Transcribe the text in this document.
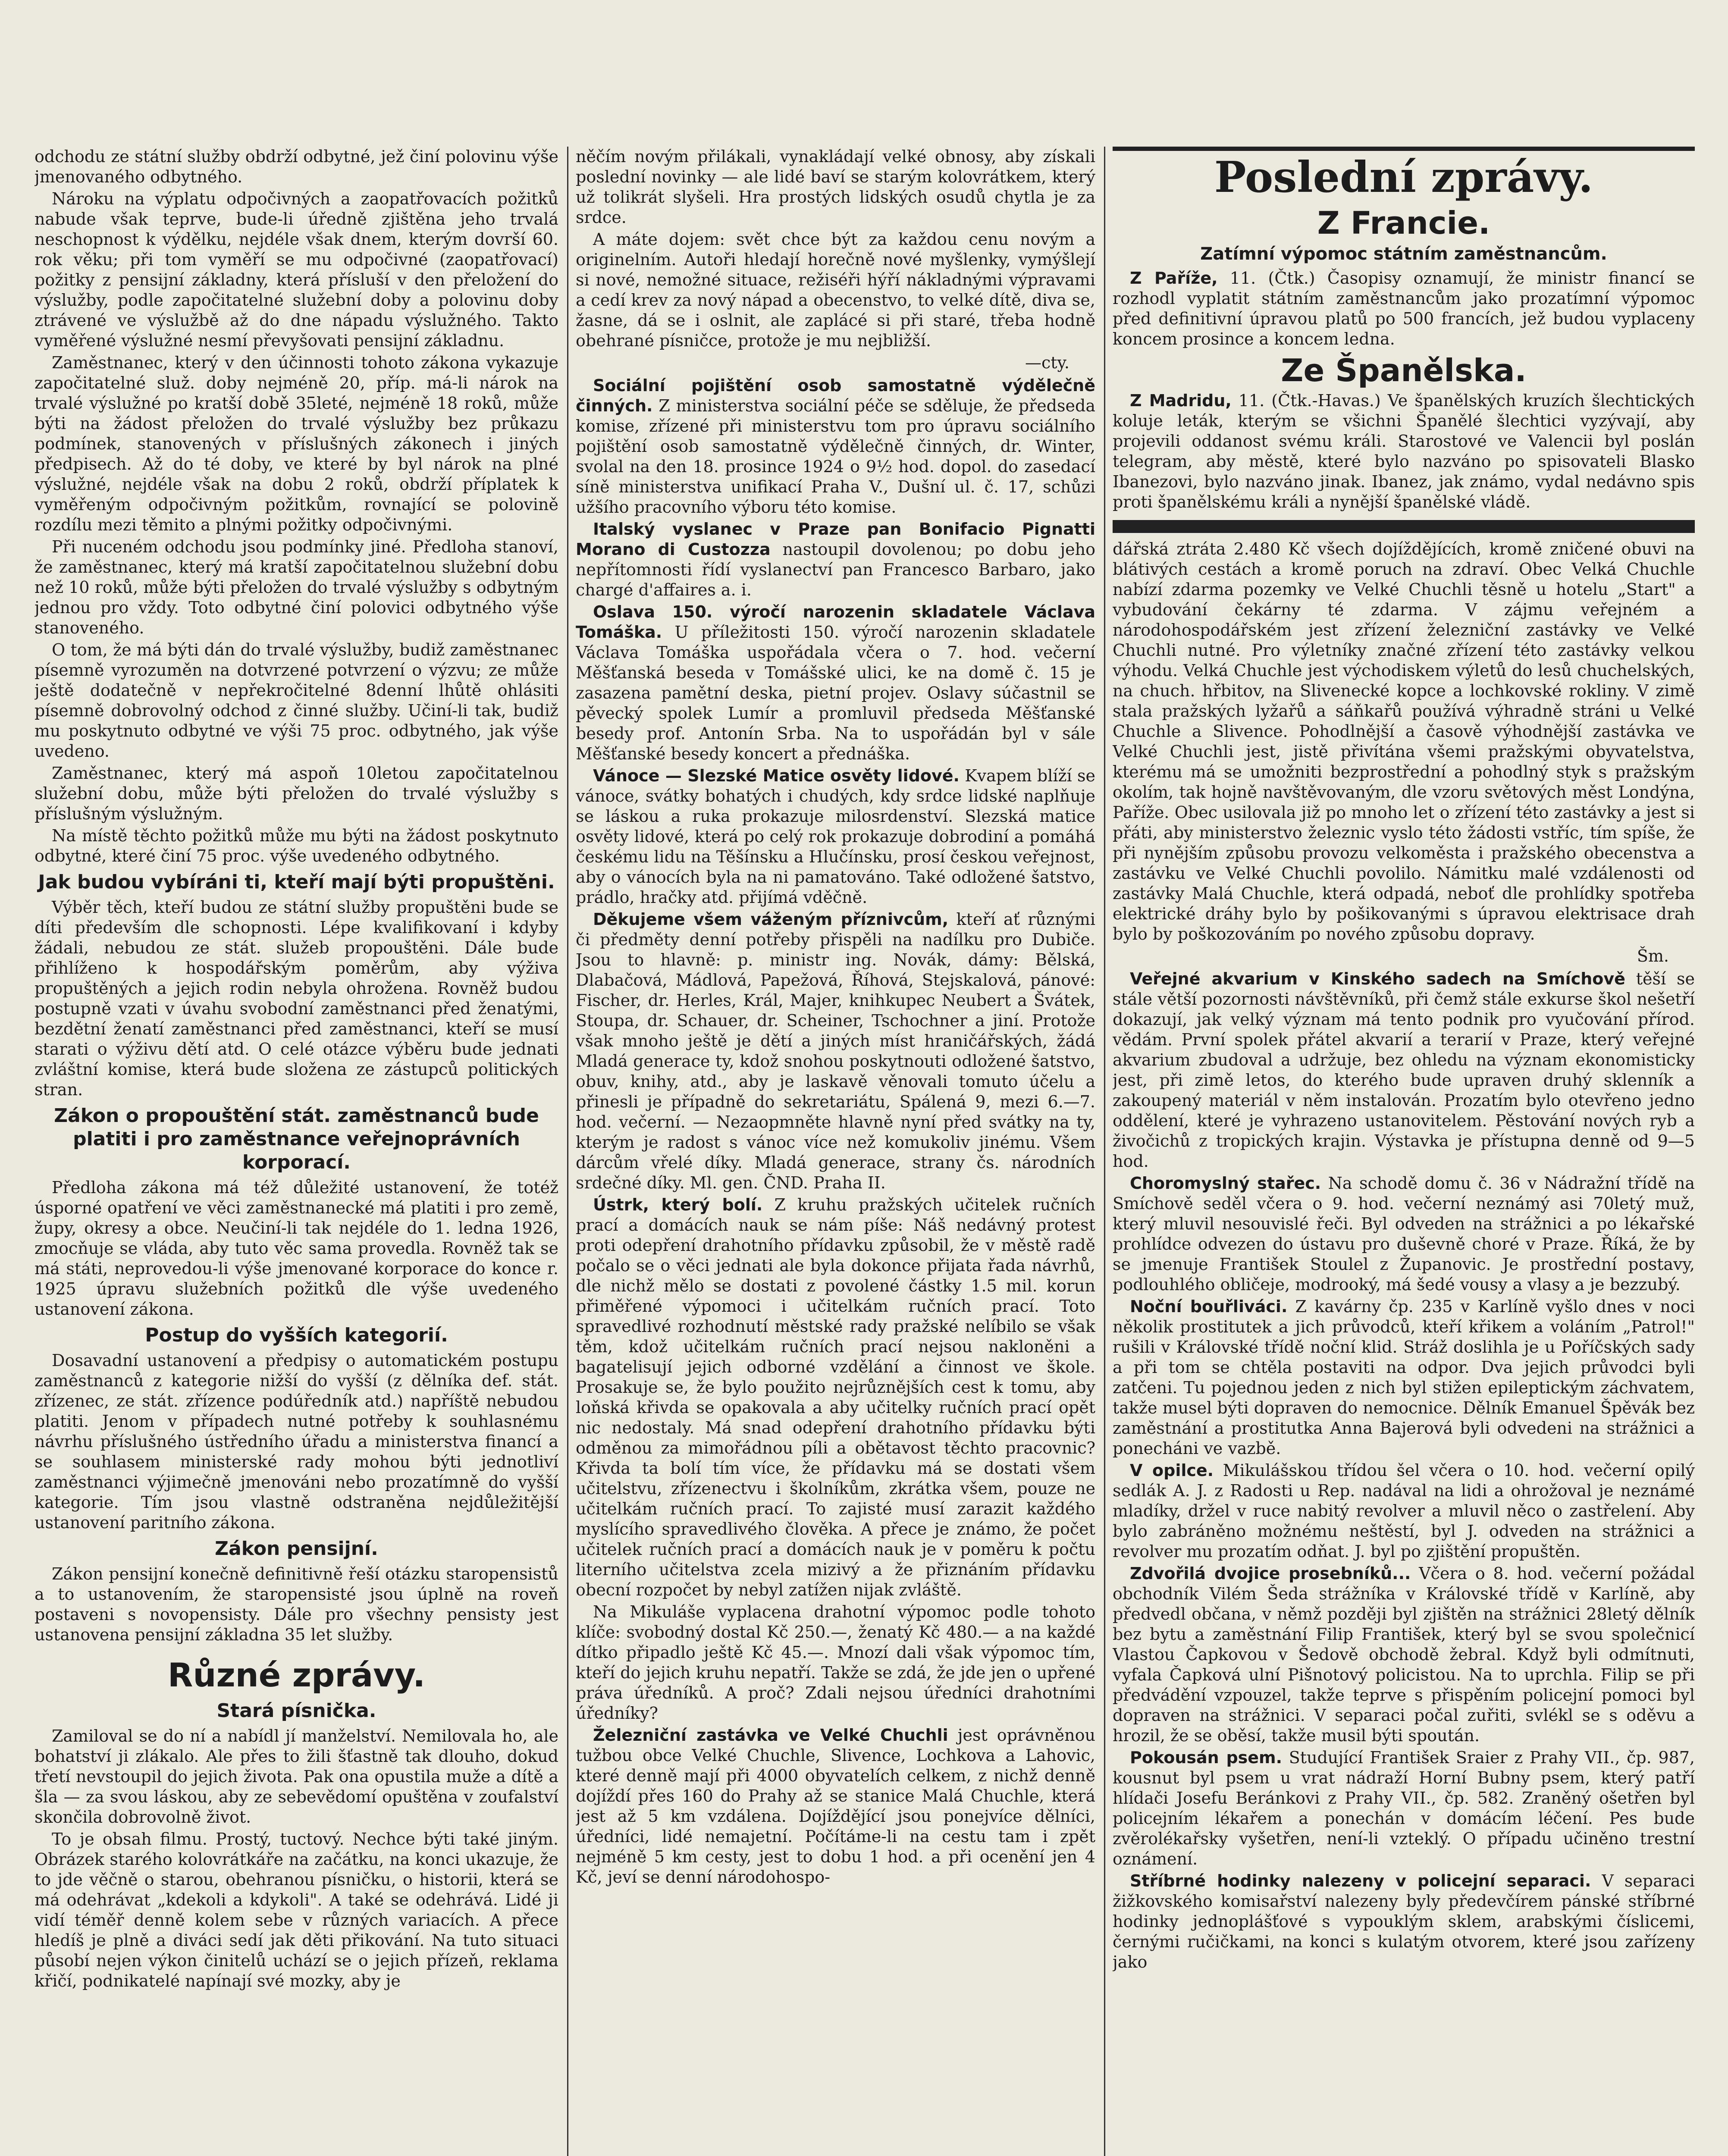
odchodu ze státní služby obdrží odbytné, jež činí polovinu výše jmenovaného odbytného.

Nároku na výplatu odpočivných a zaopatřovacích požitků nabude však teprve, bude-li úředně zjištěna jeho trvalá neschopnost k výdělku, nejdéle však dnem, kterým dovrší 60. rok věku; při tom vyměří se mu odpočivné (zaopatřovací) požitky z pensijní základny, která přísluší v den přeložení do výslužby, podle započitatelné služební doby a polovinu doby ztrávené ve výslužbě až do dne nápadu výslužného. Takto vyměřené výslužné nesmí převyšovati pensijní základnu.

Zaměstnanec, který v den účinnosti tohoto zákona vykazuje započitatelné služ. doby nejméně 20, příp. má-li nárok na trvalé výslužné po kratší době 35leté, nejméně 18 roků, může býti na žádost přeložen do trvalé výslužby bez průkazu podmínek, stanovených v příslušných zákonech i jiných předpisech. Až do té doby, ve které by byl nárok na plné výslužné, nejdéle však na dobu 2 roků, obdrží příplatek k vyměřeným odpočivným požitkům, rovnající se polovině rozdílu mezi těmito a plnými požitky odpočivnými.

Při nuceném odchodu jsou podmínky jiné. Předloha stanoví, že zaměstnanec, který má kratší započitatelnou služební dobu než 10 roků, může býti přeložen do trvalé výslužby s odbytným jednou pro vždy. Toto odbytné činí polovici odbytného výše stanoveného.

O tom, že má býti dán do trvalé výslužby, budiž zaměstnanec písemně vyrozuměn na dotvrzené potvrzení o výzvu; ze může ještě dodatečně v nepřekročitelné 8denní lhůtě ohlásiti písemně dobrovolný odchod z činné služby. Učiní-li tak, budiž mu poskytnuto odbytné ve výši 75 proc. odbytného, jak výše uvedeno.

Zaměstnanec, který má aspoň 10letou započitatelnou služební dobu, může býti přeložen do trvalé výslužby s příslušným výslužným.

Na místě těchto požitků může mu býti na žádost poskytnuto odbytné, které činí 75 proc. výše uvedeného odbytného.

Jak budou vybíráni ti, kteří mají býti propuštěni.

Výběr těch, kteří budou ze státní služby propuštěni bude se díti především dle schopnosti. Lépe kvalifikovaní i kdyby žádali, nebudou ze stát. služeb propouštěni. Dále bude přihlíženo k hospodářským poměrům, aby výživa propuštěných a jejich rodin nebyla ohrožena. Rovněž budou postupně vzati v úvahu svobodní zaměstnanci před ženatými, bezdětní ženatí zaměstnanci před zaměstnanci, kteří se musí starati o výživu dětí atd. O celé otázce výběru bude jednati zvláštní komise, která bude složena ze zástupců politických stran.

Zákon o propouštění stát. zaměstnanců bude platiti i pro zaměstnance veřejnoprávních korporací.

Předloha zákona má též důležité ustanovení, že totéž úsporné opatření ve věci zaměstnanecké má platiti i pro země, župy, okresy a obce. Neučiní-li tak nejdéle do 1. ledna 1926, zmocňuje se vláda, aby tuto věc sama provedla. Rovněž tak se má státi, neprovedou-li výše jmenované korporace do konce r. 1925 úpravu služebních požitků dle výše uvedeného ustanovení zákona.

Postup do vyšších kategorií.

Dosavadní ustanovení a předpisy o automatickém postupu zaměstnanců z kategorie nižší do vyšší (z dělníka def. stát. zřízenec, ze stát. zřízence podúředník atd.) napříště nebudou platiti. Jenom v případech nutné potřeby k souhlasnému návrhu příslušného ústředního úřadu a ministerstva financí a se souhlasem ministerské rady mohou býti jednotliví zaměstnanci výjimečně jmenováni nebo prozatímně do vyšší kategorie. Tím jsou vlastně odstraněna nejdůležitější ustanovení paritního zákona.

Zákon pensijní.

Zákon pensijní konečně definitivně řeší otázku staropensistů a to ustanovením, že staropensisté jsou úplně na roveň postaveni s novopensisty. Dále pro všechny pensisty jest ustanovena pensijní základna 35 let služby.

Různé zprávy.
Stará písnička.

Zamiloval se do ní a nabídl jí manželství. Nemilovala ho, ale bohatství ji zlákalo. Ale přes to žili šťastně tak dlouho, dokud třetí nevstoupil do jejich života. Pak ona opustila muže a dítě a šla — za svou láskou, aby ze sebevědomí opuštěna v zoufalství skončila dobrovolně život.

To je obsah filmu. Prostý, tuctový. Nechce býti také jiným. Obrázek starého kolovrátkáře na začátku, na konci ukazuje, že to jde věčně o starou, obehranou písničku, o historii, která se má odehrávat „kdekoli a kdykoli". A také se odehrává. Lidé ji vidí téměř denně kolem sebe v různých variacích. A přece hledíš je plně a diváci sedí jak děti přikování. Na tuto situaci působí nejen výkon činitelů uchází se o jejich přízeň, reklama křičí, podnikatelé napínají své mozky, aby je

něčím novým přilákali, vynakládají velké obnosy, aby získali poslední novinky — ale lidé baví se starým kolovrátkem, který už tolikrát slyšeli. Hra prostých lidských osudů chytla je za srdce.

A máte dojem: svět chce být za každou cenu novým a originelním. Autoři hledají horečně nové myšlenky, vymýšlejí si nové, nemožné situace, režiséři hýří nákladnými výpravami a cedí krev za nový nápad a obecenstvo, to velké dítě, diva se, žasne, dá se i oslnit, ale zaplácé si při staré, třeba hodně obehrané písničce, protože je mu nejbližší.

—cty.

Sociální pojištění osob samostatně výdělečně činných. Z ministerstva sociální péče se sděluje, že předseda komise, zřízené při ministerstvu tom pro úpravu sociálního pojištění osob samostatně výdělečně činných, dr. Winter, svolal na den 18. prosince 1924 o 9½ hod. dopol. do zasedací síně ministerstva unifikací Praha V., Dušní ul. č. 17, schůzi užšího pracovního výboru této komise.

Italský vyslanec v Praze pan Bonifacio Pignatti Morano di Custozza nastoupil dovolenou; po dobu jeho nepřítomnosti řídí vyslanectví pan Francesco Barbaro, jako chargé d'affaires a. i.

Oslava 150. výročí narozenin skladatele Václava Tomáška. U příležitosti 150. výročí narozenin skladatele Václava Tomáška uspořádala včera o 7. hod. večerní Měšťanská beseda v Tomášské ulici, ke na domě č. 15 je zasazena pamětní deska, pietní projev. Oslavy súčastnil se pěvecký spolek Lumír a promluvil předseda Měšťanské besedy prof. Antonín Srba. Na to uspořádán byl v sále Měšťanské besedy koncert a přednáška.

Vánoce — Slezské Matice osvěty lidové. Kvapem blíží se vánoce, svátky bohatých i chudých, kdy srdce lidské naplňuje se láskou a ruka prokazuje milosrdenství. Slezská matice osvěty lidové, která po celý rok prokazuje dobrodiní a pomáhá českému lidu na Těšínsku a Hlučínsku, prosí českou veřejnost, aby o vánocích byla na ni pamatováno. Také odložené šatstvo, prádlo, hračky atd. přijímá vděčně.

Děkujeme všem váženým příznivcům, kteří ať různými či předměty denní potřeby přispěli na nadílku pro Dubiče. Jsou to hlavně: p. ministr ing. Novák, dámy: Bělská, Dlabačová, Mádlová, Papežová, Říhová, Stejskalová, pánové: Fischer, dr. Herles, Král, Majer, knihkupec Neubert a Švátek, Stoupa, dr. Schauer, dr. Scheiner, Tschochner a jiní. Protože však mnoho ještě je dětí a jiných míst hraničářských, žádá Mladá generace ty, kdož snohou poskytnouti odložené šatstvo, obuv, knihy, atd., aby je laskavě věnovali tomuto účelu a přinesli je případně do sekretariátu, Spálená 9, mezi 6.—7. hod. večerní. — Nezaopmněte hlavně nyní před svátky na ty, kterým je radost s vánoc více než komukoliv jinému. Všem dárcům vřelé díky. Mladá generace, strany čs. národních srdečné díky. Ml. gen. ČND. Praha II.

Ústrk, který bolí. Z kruhu pražských učitelek ručních prací a domácích nauk se nám píše: Náš nedávný protest proti odepření drahotního přídavku způsobil, že v městě radě počalo se o věci jednati ale byla dokonce přijata řada návrhů, dle nichž mělo se dostati z povolené částky 1.5 mil. korun přiměřené výpomoci i učitelkám ručních prací. Toto spravedlivé rozhodnutí městské rady pražské nelíbilo se však těm, kdož učitelkám ručních prací nejsou nakloněni a bagatelisují jejich odborné vzdělání a činnost ve škole. Prosakuje se, že bylo použito nejrůznějších cest k tomu, aby loňská křivda se opakovala a aby učitelky ručních prací opět nic nedostaly. Má snad odepření drahotního přídavku býti odměnou za mimořádnou píli a obětavost těchto pracovnic? Křivda ta bolí tím více, že přídavku má se dostati všem učitelstvu, zřízenectvu i školníkům, zkrátka všem, pouze ne učitelkám ručních prací. To zajisté musí zarazit každého myslícího spravedlivého člověka. A přece je známo, že počet učitelek ručních prací a domácích nauk je v poměru k počtu literního učitelstva zcela mizivý a že přiznáním přídavku obecní rozpočet by nebyl zatížen nijak zvláště.

Na Mikuláše vyplacena drahotní výpomoc podle tohoto klíče: svobodný dostal Kč 250.—, ženatý Kč 480.— a na každé dítko připadlo ještě Kč 45.—. Mnozí dali však výpomoc tím, kteří do jejich kruhu nepatří. Takže se zdá, že jde jen o upřené práva úředníků. A proč? Zdali nejsou úředníci drahotními úředníky?

Železniční zastávka ve Velké Chuchli jest oprávněnou tužbou obce Velké Chuchle, Slivence, Lochkova a Lahovic, které denně mají při 4000 obyvatelích celkem, z nichž denně dojíždí přes 160 do Prahy až se stanice Malá Chuchle, která jest až 5 km vzdálena. Dojíždějící jsou ponejvíce dělníci, úředníci, lidé nemajetní. Počítáme-li na cestu tam i zpět nejméně 5 km cesty, jest to dobu 1 hod. a při ocenění jen 4 Kč, jeví se denní národohospo-

Poslední zprávy.
Z Francie.
Zatímní výpomoc státním zaměstnancům.

Z Paříže, 11. (Čtk.) Časopisy oznamují, že ministr financí se rozhodl vyplatit státním zaměstnancům jako prozatímní výpomoc před definitivní úpravou platů po 500 francích, jež budou vyplaceny koncem prosince a koncem ledna.

Ze Španělska.

Z Madridu, 11. (Čtk.-Havas.) Ve španělských kruzích šlechtických koluje leták, kterým se všichni Španělé šlechtici vyzývají, aby projevili oddanost svému králi. Starostové ve Valencii byl poslán telegram, aby městě, které bylo nazváno po spisovateli Blasko Ibanezovi, bylo nazváno jinak. Ibanez, jak známo, vydal nedávno spis proti španělskému králi a nynější španělské vládě.

dářská ztráta 2.480 Kč všech dojíždějících, kromě zničené obuvi na blátivých cestách a kromě poruch na zdraví. Obec Velká Chuchle nabízí zdarma pozemky ve Velké Chuchli těsně u hotelu „Start" a vybudování čekárny té zdarma. V zájmu veřejném a národohospodářském jest zřízení železniční zastávky ve Velké Chuchli nutné. Pro výletníky značné zřízení této zastávky velkou výhodu. Velká Chuchle jest východiskem výletů do lesů chuchelských, na chuch. hřbitov, na Slivenecké kopce a lochkovské rokliny. V zimě stala pražských lyžařů a sáňkařů používá výhradně stráni u Velké Chuchle a Slivence. Pohodlnější a časově výhodnější zastávka ve Velké Chuchli jest, jistě přivítána všemi pražskými obyvatelstva, kterému má se umožniti bezprostřední a pohodlný styk s pražským okolím, tak hojně navštěvovaným, dle vzoru světových měst Londýna, Paříže. Obec usilovala již po mnoho let o zřízení této zastávky a jest si přáti, aby ministerstvo železnic vyslo této žádosti vstříc, tím spíše, že při nynějším způsobu provozu velkoměsta i pražského obecenstva a zastávku ve Velké Chuchli povolilo. Námitku malé vzdálenosti od zastávky Malá Chuchle, která odpadá, neboť dle prohlídky spotřeba elektrické dráhy bylo by pošikovanými s úpravou elektrisace drah bylo by poškozováním po nového způsobu dopravy.

Šm.

Veřejné akvarium v Kinského sadech na Smíchově těší se stále větší pozornosti návštěvníků, při čemž stále exkurse škol nešetří dokazují, jak velký význam má tento podnik pro vyučování přírod. vědám. První spolek přátel akvarií a terarií v Praze, který veřejné akvarium zbudoval a udržuje, bez ohledu na význam ekonomisticky jest, při zimě letos, do kterého bude upraven druhý sklenník a zakoupený materiál v něm instalován. Prozatím bylo otevřeno jedno oddělení, které je vyhrazeno ustanovitelem. Pěstování nových ryb a živočichů z tropických krajin. Výstavka je přístupna denně od 9—5 hod.

Choromyslný stařec. Na schodě domu č. 36 v Nádražní třídě na Smíchově seděl včera o 9. hod. večerní neznámý asi 70letý muž, který mluvil nesouvislé řeči. Byl odveden na strážnici a po lékařské prohlídce odvezen do ústavu pro duševně choré v Praze. Říká, že by se jmenuje František Stoulel z Županovic. Je prostřední postavy, podlouhlého obličeje, modrooký, má šedé vousy a vlasy a je bezzubý.

Noční bouřliváci. Z kavárny čp. 235 v Karlíně vyšlo dnes v noci několik prostitutek a jich průvodců, kteří křikem a voláním „Patrol!" rušili v Královské třídě noční klid. Stráž doslihla je u Poříčských sady a při tom se chtěla postaviti na odpor. Dva jejich průvodci byli zatčeni. Tu pojednou jeden z nich byl stižen epileptickým záchvatem, takže musel býti dopraven do nemocnice. Dělník Emanuel Špěvák bez zaměstnání a prostitutka Anna Bajerová byli odvedeni na strážnici a ponecháni ve vazbě.

V opilce. Mikulášskou třídou šel včera o 10. hod. večerní opilý sedlák A. J. z Radosti u Rep. nadával na lidi a ohrožoval je neznámé mladíky, držel v ruce nabitý revolver a mluvil něco o zastřelení. Aby bylo zabráněno možnému neštěstí, byl J. odveden na strážnici a revolver mu prozatím odňat. J. byl po zjištění propuštěn.

Zdvořilá dvojice prosebníků... Včera o 8. hod. večerní požádal obchodník Vilém Šeda strážníka v Královské třídě v Karlíně, aby předvedl občana, v němž později byl zjištěn na strážnici 28letý dělník bez bytu a zaměstnání Filip František, který byl se svou společnicí Vlastou Čapkovou v Šedově obchodě žebral. Když byli odmítnuti, vyfala Čapková ulní Pišnotový policistou. Na to uprchla. Filip se při předvádění vzpouzel, takže teprve s přispěním policejní pomoci byl dopraven na strážnici. V separaci počal zuřiti, svlékl se s oděvu a hrozil, že se oběsí, takže musil býti spoután.

Pokousán psem. Studující František Sraier z Prahy VII., čp. 987, kousnut byl psem u vrat nádraží Horní Bubny psem, který patří hlídači Josefu Beránkovi z Prahy VII., čp. 582. Zraněný ošetřen byl policejním lékařem a ponechán v domácím léčení. Pes bude zvěrolékařsky vyšetřen, není-li vzteklý. O případu učiněno trestní oznámení.

Stříbrné hodinky nalezeny v policejní separaci. V separaci žižkovského komisařství nalezeny byly předevčírem pánské stříbrné hodinky jednoplášťové s vypouklým sklem, arabskými číslicemi, černými ručičkami, na konci s kulatým otvorem, které jsou zařízeny jako
